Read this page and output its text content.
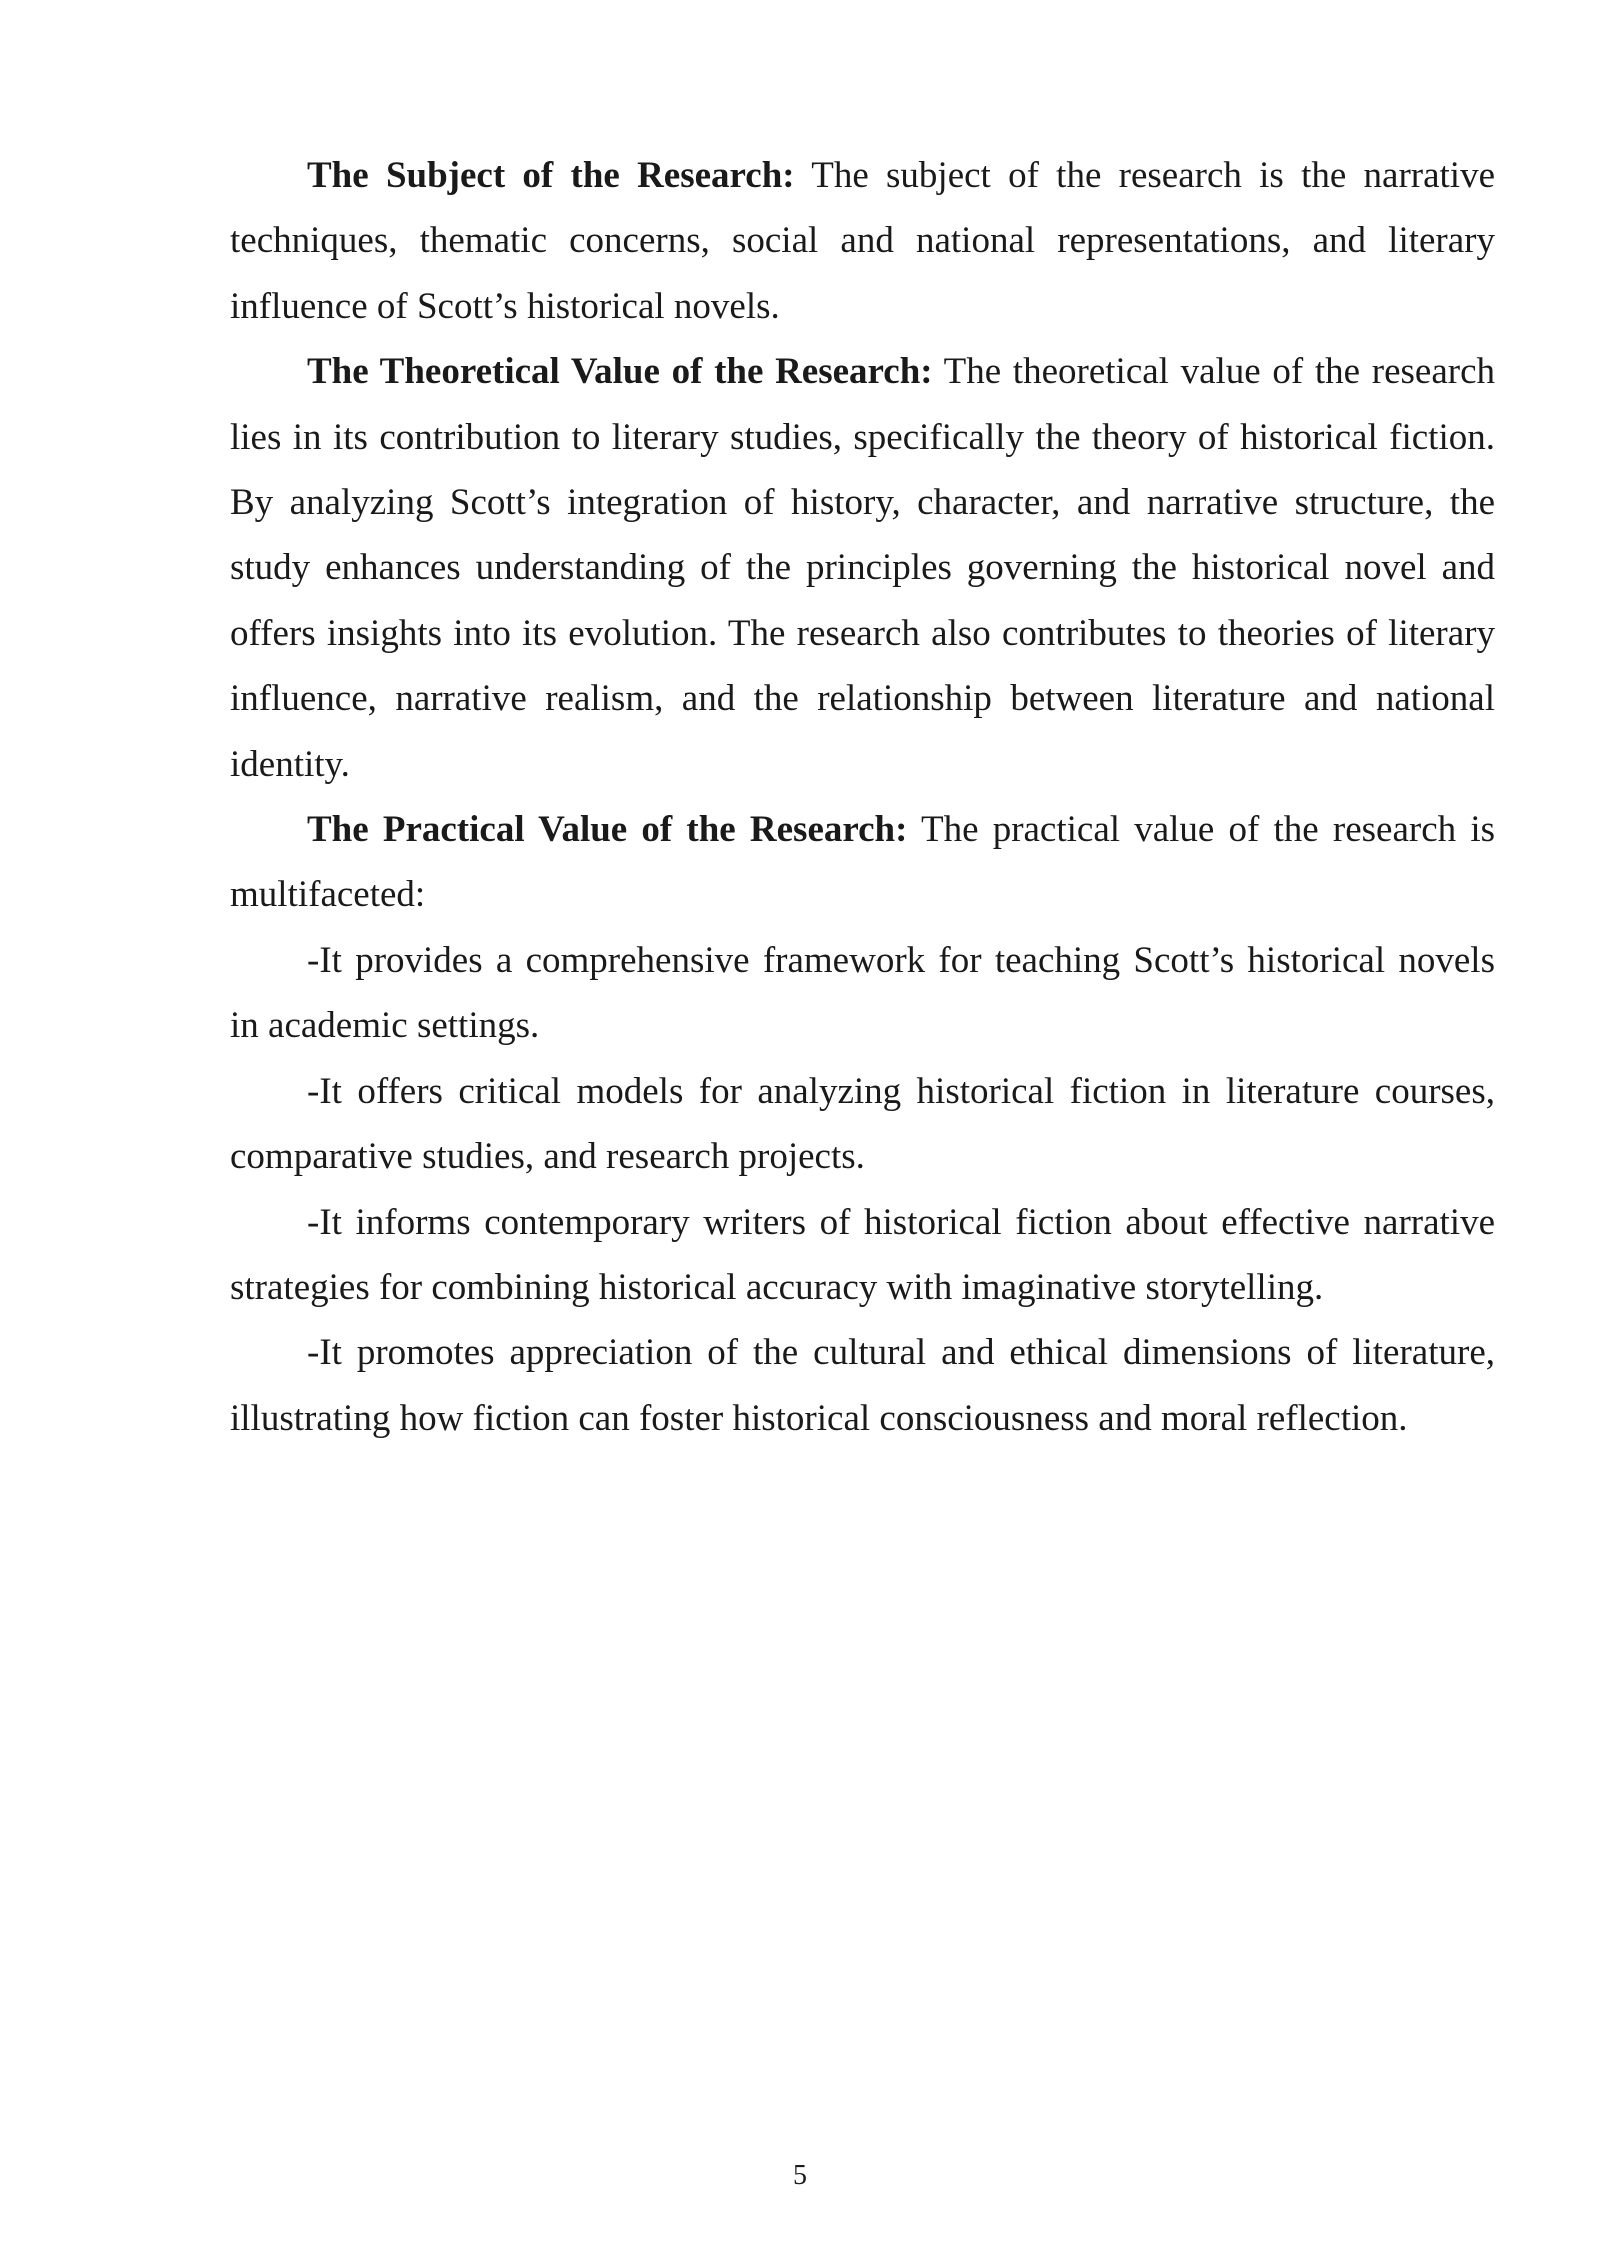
The Subject of the Research: The subject of the research is the narrative techniques, thematic concerns, social and national representations, and literary influence of Scott’s historical novels.

The Theoretical Value of the Research: The theoretical value of the research lies in its contribution to literary studies, specifically the theory of historical fiction. By analyzing Scott’s integration of history, character, and narrative structure, the study enhances understanding of the principles governing the historical novel and offers insights into its evolution. The research also contributes to theories of literary influence, narrative realism, and the relationship between literature and national identity.

The Practical Value of the Research: The practical value of the research is multifaceted:

-It provides a comprehensive framework for teaching Scott’s historical novels in academic settings.

-It offers critical models for analyzing historical fiction in literature courses, comparative studies, and research projects.

-It informs contemporary writers of historical fiction about effective narrative strategies for combining historical accuracy with imaginative storytelling.

-It promotes appreciation of the cultural and ethical dimensions of literature, illustrating how fiction can foster historical consciousness and moral reflection.

5
